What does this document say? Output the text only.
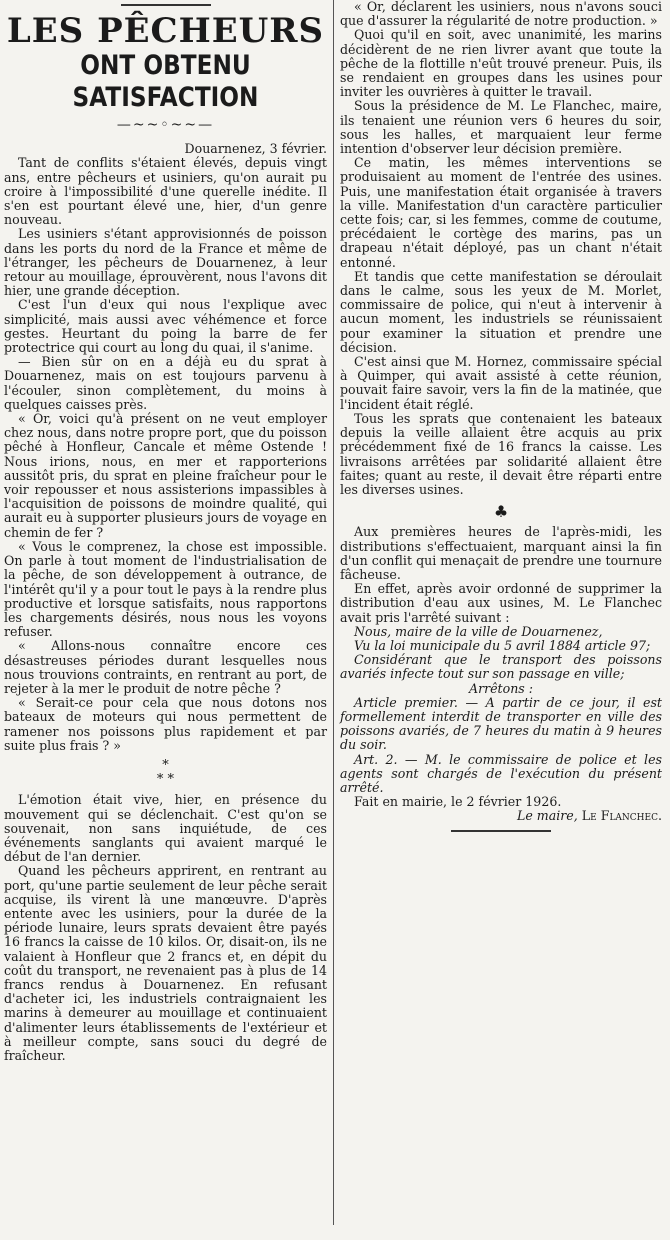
LES PÊCHEURS
ONT OBTENU SATISFACTION
—~~◦~~—

Douarnenez, 3 février.

Tant de conflits s'étaient élevés, depuis vingt ans, entre pêcheurs et usiniers, qu'on aurait pu croire à l'impossibilité d'une querelle inédite. Il s'en est pourtant élevé une, hier, d'un genre nouveau.

Les usiniers s'étant approvisionnés de poisson dans les ports du nord de la France et même de l'étranger, les pêcheurs de Douarnenez, à leur retour au mouillage, éprouvèrent, nous l'avons dit hier, une grande déception.

C'est l'un d'eux qui nous l'explique avec simplicité, mais aussi avec véhémence et force gestes. Heurtant du poing la barre de fer protectrice qui court au long du quai, il s'anime.

— Bien sûr on en a déjà eu du sprat à Douarnenez, mais on est toujours parvenu à l'écouler, sinon complètement, du moins à quelques caisses près.

« Or, voici qu'à présent on ne veut employer chez nous, dans notre propre port, que du poisson pêché à Honfleur, Cancale et même Ostende ! Nous irions, nous, en mer et rapporterions aussitôt pris, du sprat en pleine fraîcheur pour le voir repousser et nous assisterions impassibles à l'acquisition de poissons de moindre qualité, qui aurait eu à supporter plusieurs jours de voyage en chemin de fer ?

« Vous le comprenez, la chose est impossible. On parle à tout moment de l'industrialisation de la pêche, de son développement à outrance, de l'intérêt qu'il y a pour tout le pays à la rendre plus productive et lorsque satisfaits, nous rapportons les chargements désirés, nous nous les voyons refuser.

« Allons-nous connaître encore ces désastreuses périodes durant lesquelles nous nous trouvions contraints, en rentrant au port, de rejeter à la mer le produit de notre pêche ?

« Serait-ce pour cela que nous dotons nos bateaux de moteurs qui nous permettent de ramener nos poissons plus rapidement et par suite plus frais ? »

*
* *

L'émotion était vive, hier, en présence du mouvement qui se déclenchait. C'est qu'on se souvenait, non sans inquiétude, de ces événements sanglants qui avaient marqué le début de l'an dernier.

Quand les pêcheurs apprirent, en rentrant au port, qu'une partie seulement de leur pêche serait acquise, ils virent là une manœuvre. D'après entente avec les usiniers, pour la durée de la période lunaire, leurs sprats devaient être payés 16 francs la caisse de 10 kilos. Or, disait-on, ils ne valaient à Honfleur que 2 francs et, en dépit du coût du transport, ne revenaient pas à plus de 14 francs rendus à Douarnenez. En refusant d'acheter ici, les industriels contraignaient les marins à demeurer au mouillage et continuaient d'alimenter leurs établissements de l'extérieur et à meilleur compte, sans souci du degré de fraîcheur.

« Or, déclarent les usiniers, nous n'avons souci que d'assurer la régularité de notre production. »

Quoi qu'il en soit, avec unanimité, les marins décidèrent de ne rien livrer avant que toute la pêche de la flottille n'eût trouvé preneur. Puis, ils se rendaient en groupes dans les usines pour inviter les ouvrières à quitter le travail.

Sous la présidence de M. Le Flanchec, maire, ils tenaient une réunion vers 6 heures du soir, sous les halles, et marquaient leur ferme intention d'observer leur décision première.

Ce matin, les mêmes interventions se produisaient au moment de l'entrée des usines. Puis, une manifestation était organisée à travers la ville. Manifestation d'un caractère particulier cette fois; car, si les femmes, comme de coutume, précédaient le cortège des marins, pas un drapeau n'était déployé, pas un chant n'était entonné.

Et tandis que cette manifestation se déroulait dans le calme, sous les yeux de M. Morlet, commissaire de police, qui n'eut à intervenir à aucun moment, les industriels se réunissaient pour examiner la situation et prendre une décision.

C'est ainsi que M. Hornez, commissaire spécial à Quimper, qui avait assisté à cette réunion, pouvait faire savoir, vers la fin de la matinée, que l'incident était réglé.

Tous les sprats que contenaient les bateaux depuis la veille allaient être acquis au prix précédemment fixé de 16 francs la caisse. Les livraisons arrêtées par solidarité allaient être faites; quant au reste, il devait être réparti entre les diverses usines.

♣

Aux premières heures de l'après-midi, les distributions s'effectuaient, marquant ainsi la fin d'un conflit qui menaçait de prendre une tournure fâcheuse.

En effet, après avoir ordonné de supprimer la distribution d'eau aux usines, M. Le Flanchec avait pris l'arrêté suivant :

Nous, maire de la ville de Douarnenez,

Vu la loi municipale du 5 avril 1884 article 97;

Considérant que le transport des poissons avariés infecte tout sur son passage en ville;

Arrêtons :

Article premier. — A partir de ce jour, il est formellement interdit de transporter en ville des poissons avariés, de 7 heures du matin à 9 heures du soir.

Art. 2. — M. le commissaire de police et les agents sont chargés de l'exécution du présent arrêté.

Fait en mairie, le 2 février 1926.

Le maire, Le Flanchec.
